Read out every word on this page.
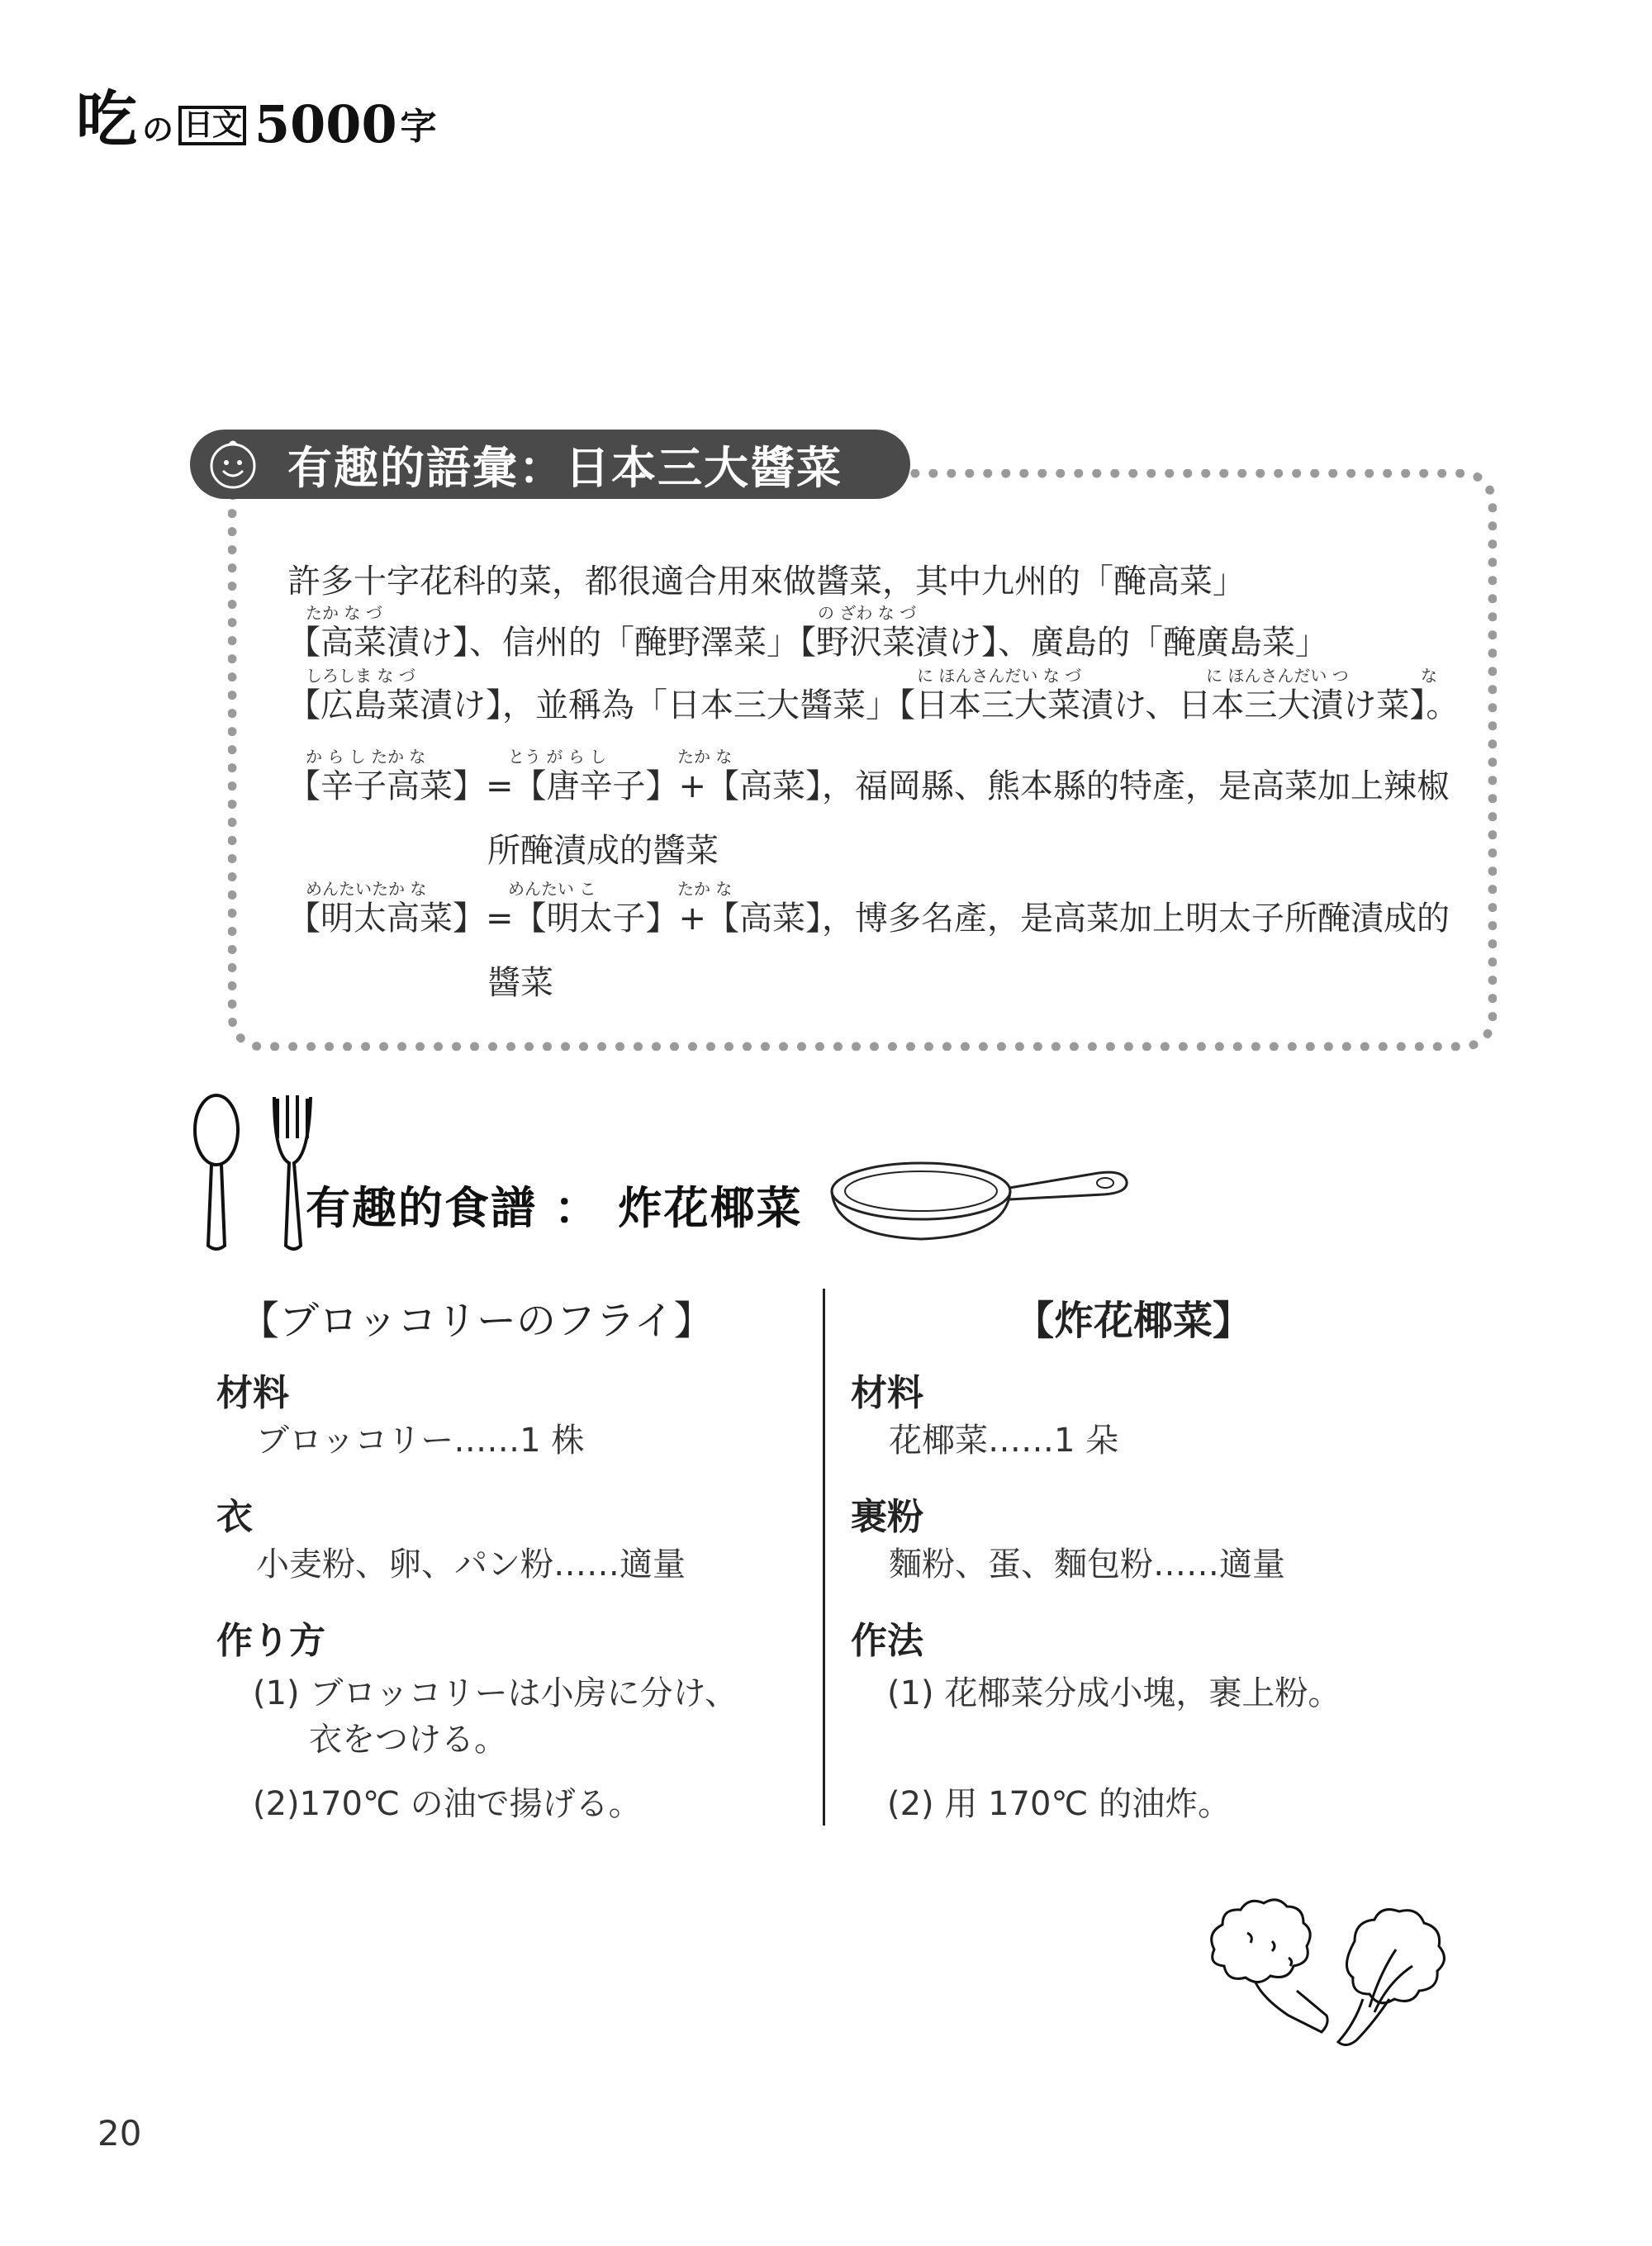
吃 の 日文 5000 字
有趣的語彙：日本三大醬菜
たか な づ	の ざわ な づ
許多十字花科的菜，都很適合用來做醬菜，其中九州的「醃高菜」
【高菜漬け】、信州的「醃野澤菜」【野沢菜漬け】、廣島的「醃廣島菜」
しろしま な づ	に ほんさんだい な づ	に ほんさんだい つ	な
【広島菜漬け】，並稱為「日本三大醬菜」【日本三大菜漬け、日本三大漬け菜】。
か ら し たか な	とう が ら し	たか な
【辛子高菜】=【唐辛子】+【高菜】，福岡縣、熊本縣的特產，是高菜加上辣椒
所醃漬成的醬菜
めんたいたか な	めんたい こ	たか な
【明太高菜】=【明太子】+【高菜】，博多名產，是高菜加上明太子所醃漬成的
醬菜
有趣的食譜 ： 炸花椰菜
【ブロッコリーのフライ】
材料
ブロッコリー……1 株
衣
小麦粉、卵、パン粉……適量
作り方
(1) ブロッコリーは小房に分け、
衣をつける。
(2)170℃ の油で揚げる。
【炸花椰菜】
材料
花椰菜……1 朵
裹粉
麵粉、蛋、麵包粉……適量
作法
(1) 花椰菜分成小塊，裹上粉。
(2) 用 170℃ 的油炸。
20
